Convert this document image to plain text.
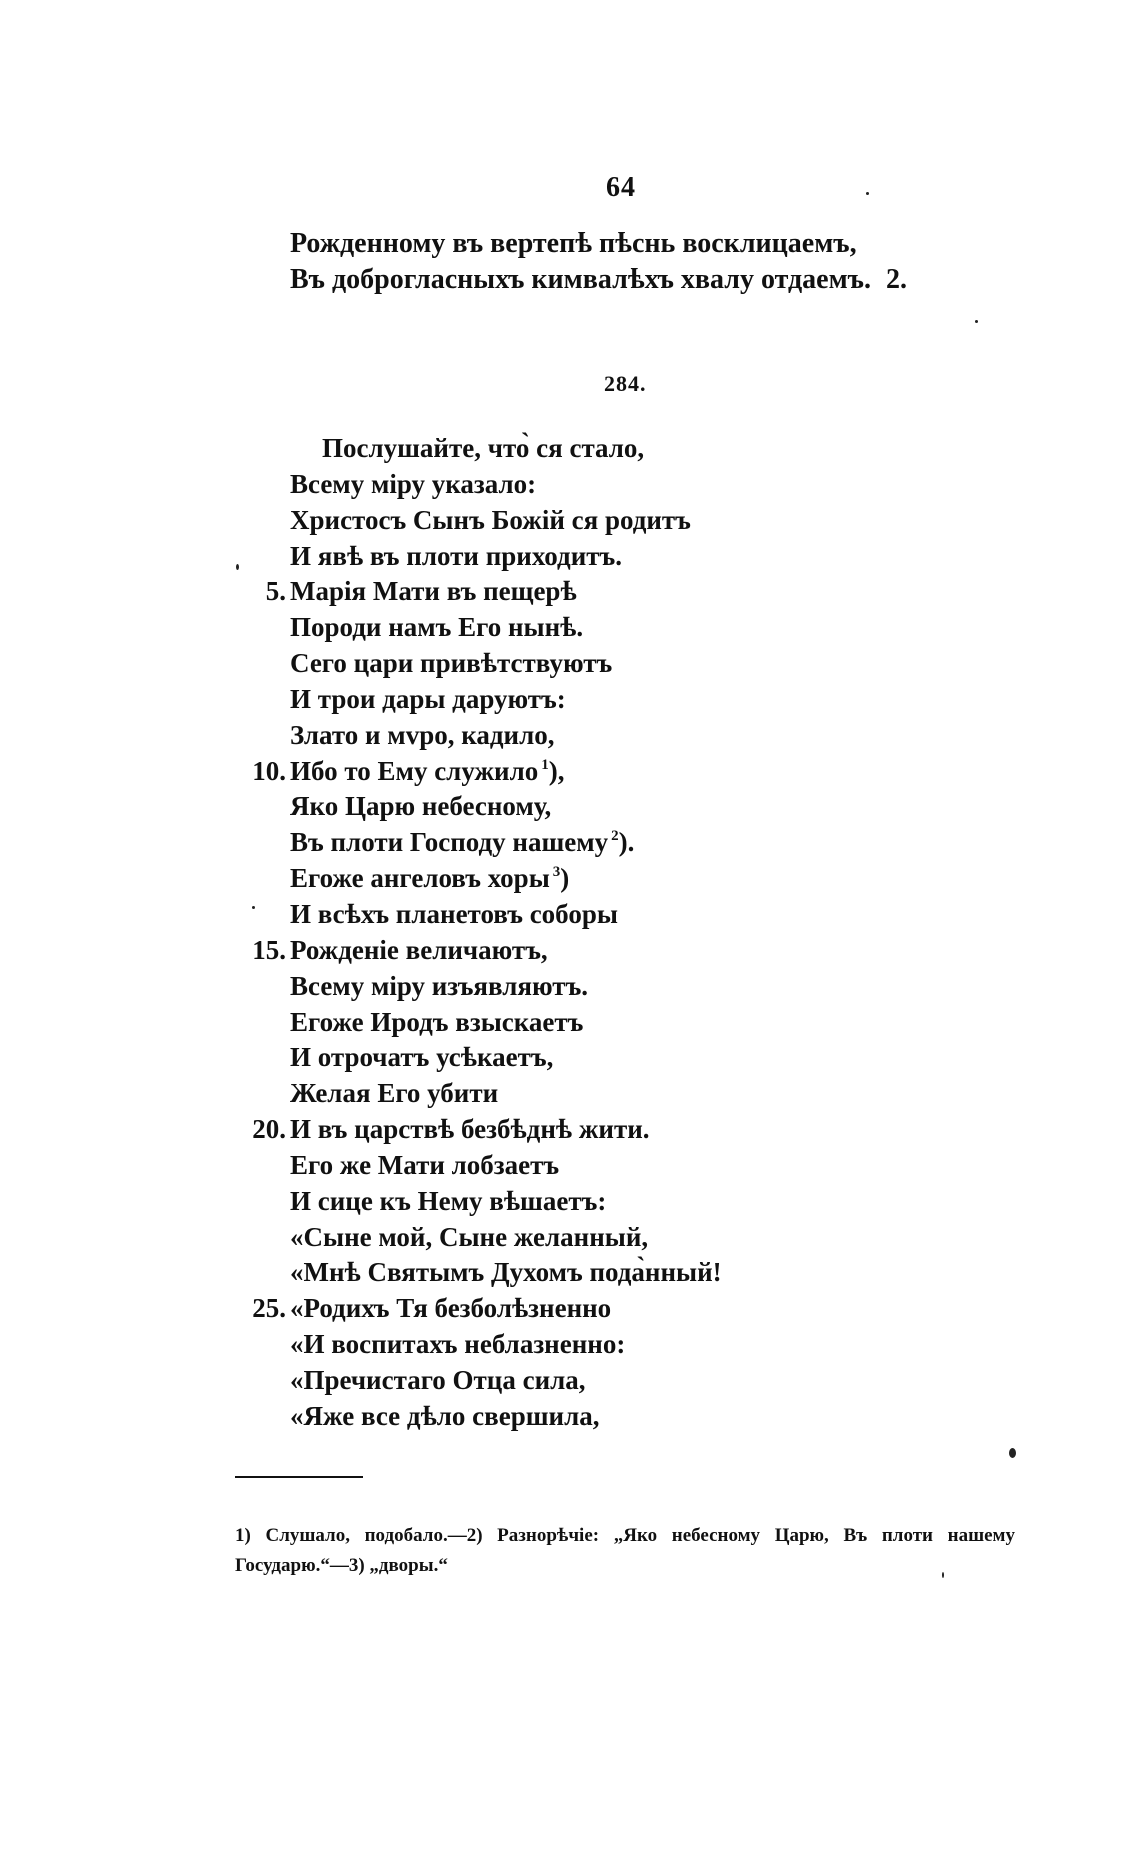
64
Рожденному въ вертепѣ пѣснь восклицаемъ,
Въ доброгласныхъ кимвалѣхъ хвалу отдаемъ. 2.
284.
Послушайте, что̀ ся стало,
Всему міру указало:
Христосъ Сынъ Божій ся родитъ
И явѣ въ плоти приходитъ.
5. Марія Мати въ пещерѣ
Породи намъ Его нынѣ.
Сего цари привѣтствуютъ
И трои дары даруютъ:
Злато и мvро, кадило,
10. Ибо то Ему служило $^1$),
Яко Царю небесному,
Въ плоти Господу нашему $^2$).
Егоже ангеловъ хоры $^3$)
И всѣхъ планетовъ соборы
15. Рожденіе величаютъ,
Всему міру изъявляютъ.
Егоже Иродъ взыскаетъ
И отрочатъ усѣкаетъ,
Желая Его убити
20. И въ царствѣ безбѣднѣ жити.
Его же Мати лобзаетъ
И сице къ Нему вѣшаетъ:
«Сыне мой, Сыне желанный,
«Мнѣ Святымъ Духомъ пода̀нный!
25. «Родихъ Тя безболѣзненно
«И воспитахъ неблазненно:
«Пречистаго Отца сила,
«Яже все дѣло свершила,
1) Слушало, подобало.—2) Разнорѣчіе: „Яко небесному Царю, Въ плоти нашему Государю.“—3) „дворы.“
